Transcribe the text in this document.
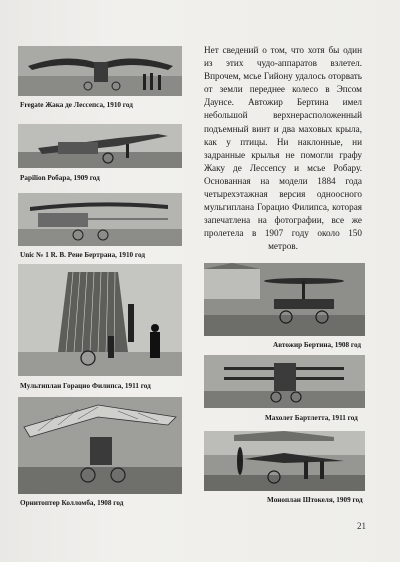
Fregate Жака де Лессепса, 1910 год
Papilion Робара, 1909 год
Unic № 1 R. B. Рене Бертрана, 1910 год
Мультиплан Горацио Филипса, 1911 год
Орнитоптер Колломба, 1908 год
Нет сведений о том, что хотя бы один из этих чудо-аппаратов взлетел. Впрочем, мсье Гийону удалось оторвать от земли переднее колесо в Эпсом Даунсе. Автожир Бертина имел небольшой верхнерасположенный подъемный винт и два маховых крыла, как у птицы. Ни наклонные, ни задранные крылья не помогли графу Жаку де Лессепсу и мсье Робару. Основанная на модели 1884 года четырехэтажная версия одноосного мульгиплана Горацио Филипса, которая запечатлена на фотографии, все же пролетела в 1907 году около 150 метров.
Автожир Бертина, 1908 год
Махолет Бартлетта, 1911 год
Моноплан Штокеля, 1909 год
21
